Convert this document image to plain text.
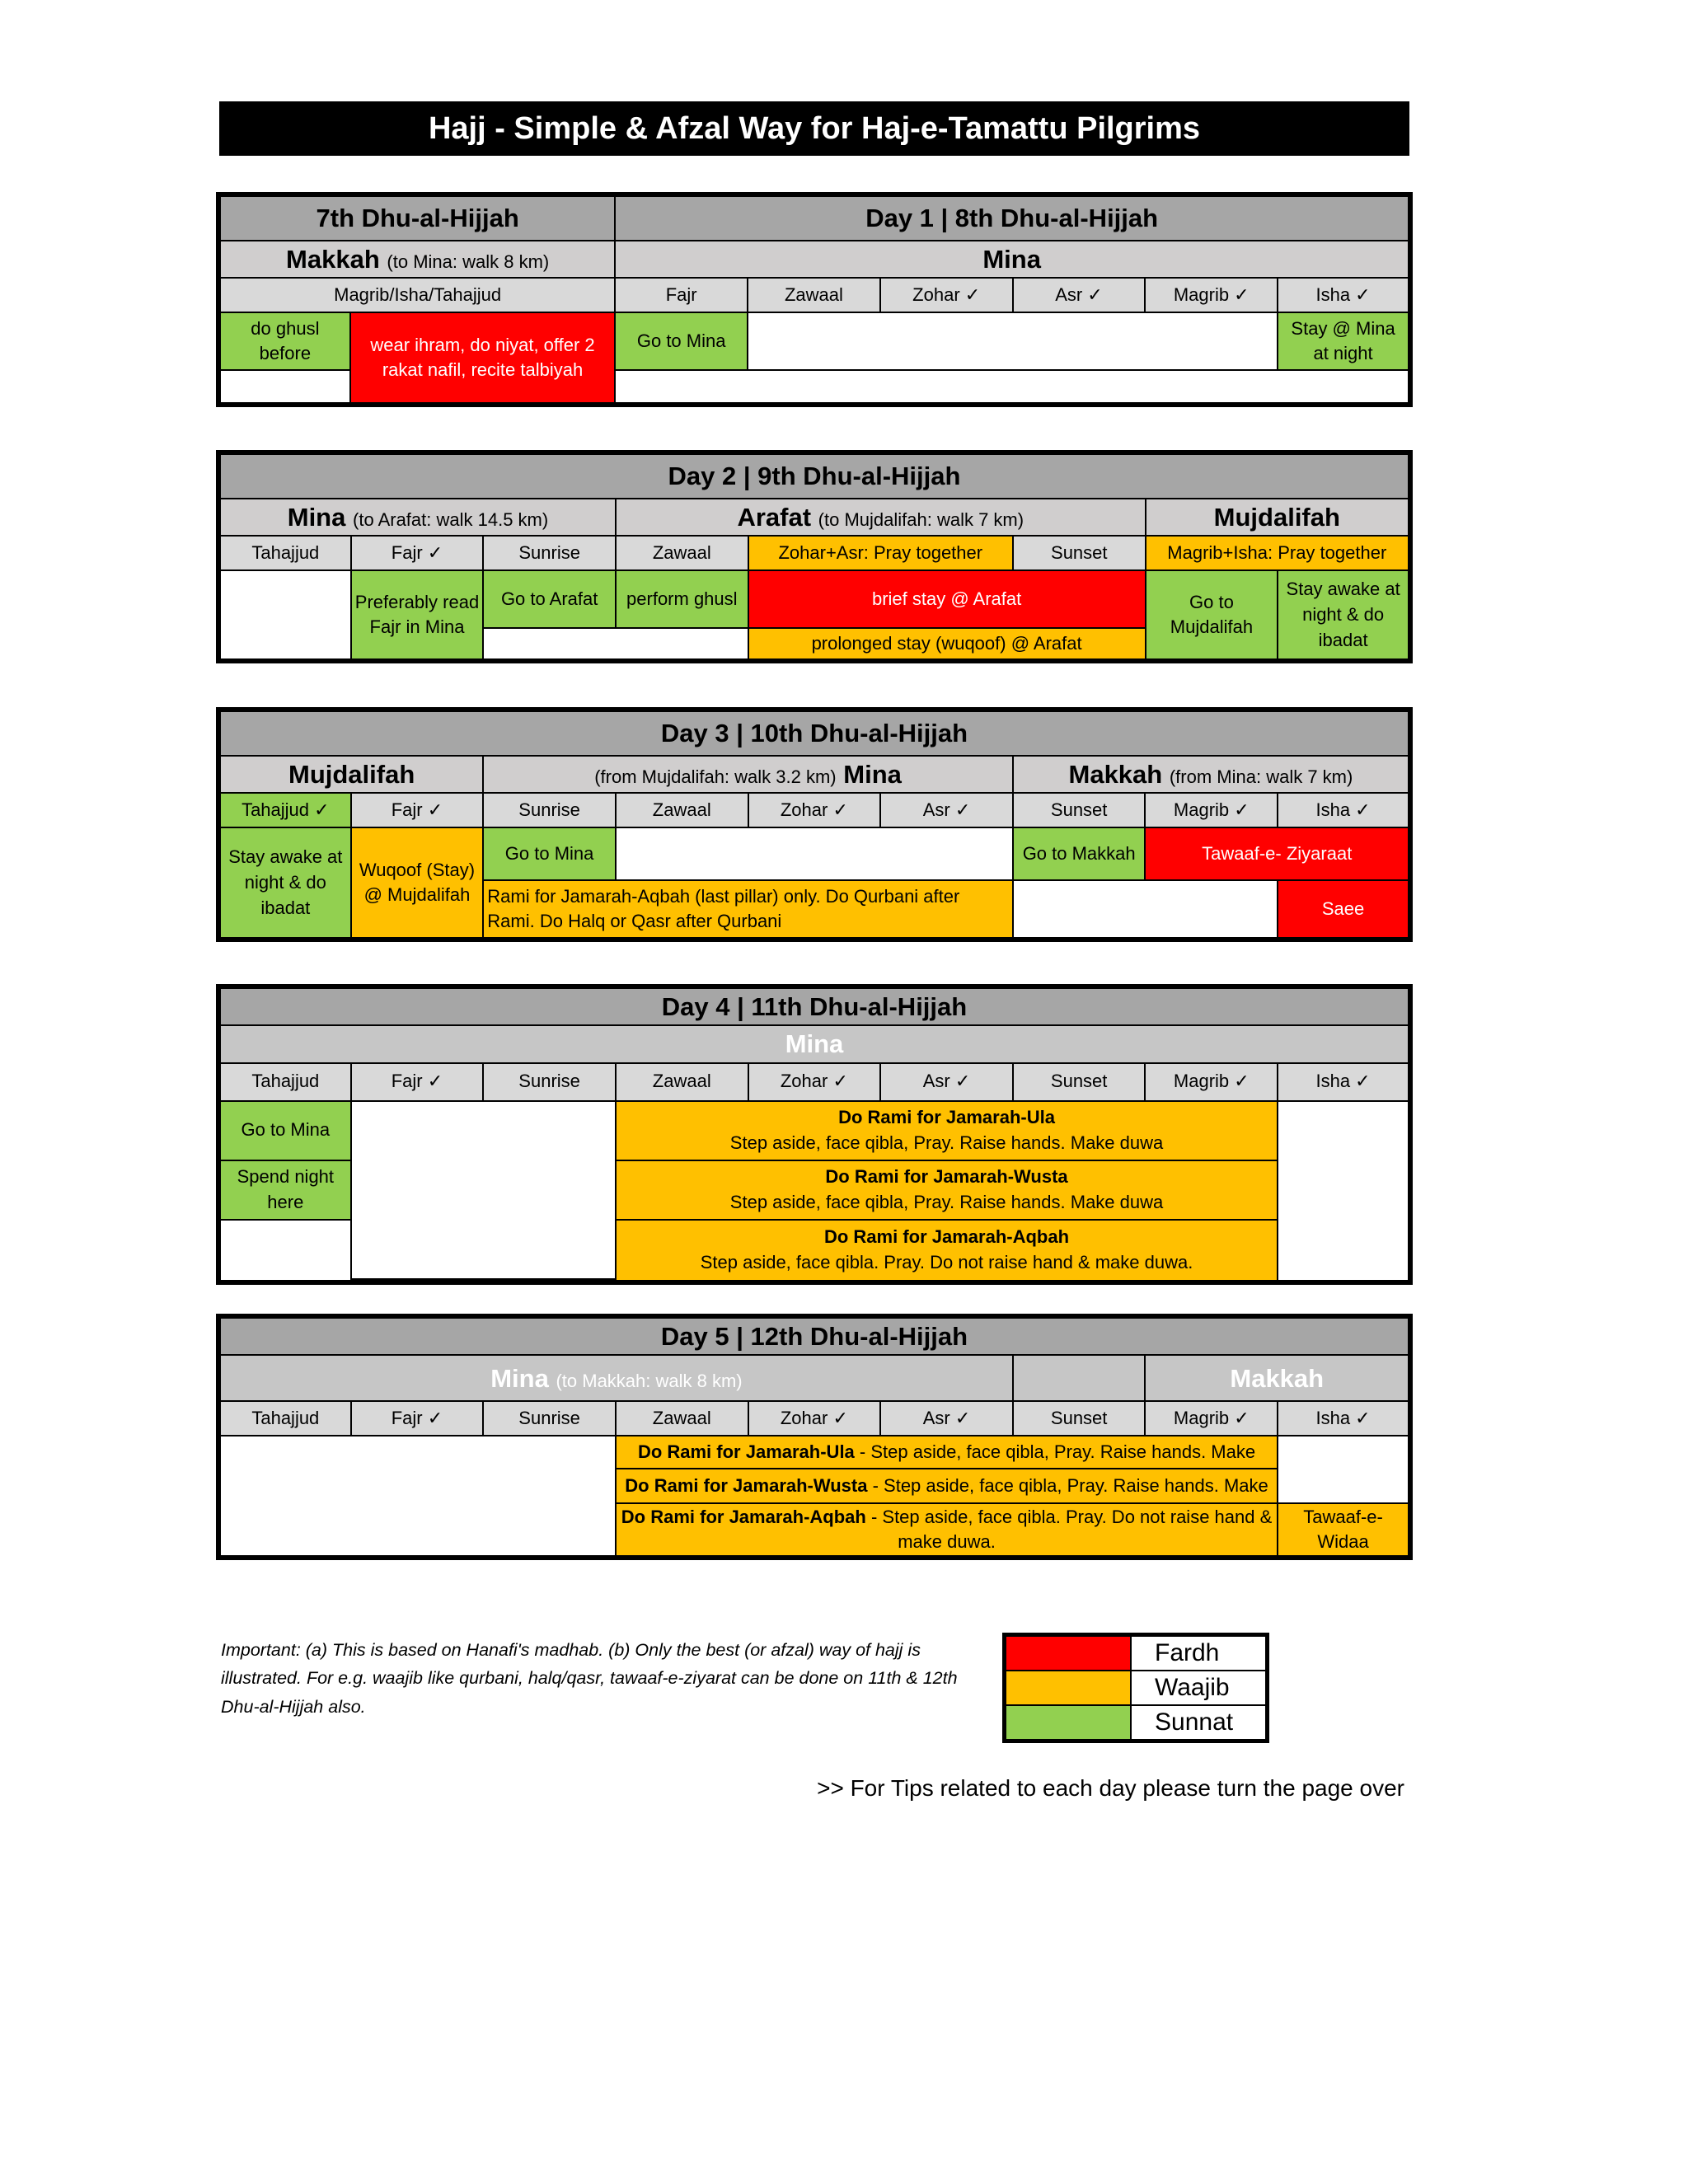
Hajj - Simple & Afzal Way for Haj-e-Tamattu Pilgrims
7th Dhu-al-Hijjah		Day 1 | 8th Dhu-al-Hijjah					
Makkah (to Mina: walk 8 km)		Mina					
Magrib/Isha/Tahajjud		Fajr	Zawaal	Zohar ✓	Asr ✓	Magrib ✓	Isha ✓
do ghusl before	wear ihram, do niyat, offer 2 rakat nafil, recite talbiyah	Go to Mina					Stay @ Mina at night

Day 2 | 9th Dhu-al-Hijjah							
Mina (to Arafat: walk 14.5 km)			Arafat (to Mujdalifah: walk 7 km)			Mujdalifah	
Tahajjud	Fajr ✓	Sunrise	Zawaal	Zohar+Asr: Pray together	Sunset	Magrib+Isha: Pray together	
	Preferably read Fajr in Mina	Go to Arafat	perform ghusl	brief stay @ Arafat		Go to Mujdalifah	Stay awake at night & do ibadat
				prolonged stay (wuqoof) @ Arafat			
Day 3 | 10th Dhu-al-Hijjah								
Mujdalifah		(from Mujdalifah: walk 3.2 km) Mina				Makkah (from Mina: walk 7 km)		
Tahajjud ✓	Fajr ✓	Sunrise	Zawaal	Zohar ✓	Asr ✓	Sunset	Magrib ✓	Isha ✓
Stay awake at night & do ibadat	Wuqoof (Stay) @ Mujdalifah	Go to Mina				Go to Makkah	Tawaaf-e- Ziyaraat	
		Rami for Jamarah-Aqbah (last pillar) only. Do Qurbani after Rami. Do Halq or Qasr after Qurbani						Saee
Day 4 | 11th Dhu-al-Hijjah								
Mina								
Tahajjud	Fajr ✓	Sunrise	Zawaal	Zohar ✓	Asr ✓	Sunset	Magrib ✓	Isha ✓
Go to Mina			Do Rami for Jamarah-Ula
Step aside, face qibla, Pray. Raise hands. Make duwa					

Spend night here			Do Rami for Jamarah-Wusta
Step aside, face qibla, Pray. Raise hands. Make duwa					
			Do Rami for Jamarah-Aqbah
Step aside, face qibla. Pray. Do not raise hand & make duwa.					

Day 5 | 12th Dhu-al-Hijjah								
Mina (to Makkah: walk 8 km)							Makkah	
Tahajjud	Fajr ✓	Sunrise	Zawaal	Zohar ✓	Asr ✓	Sunset	Magrib ✓	Isha ✓
			Do Rami for Jamarah-Ula - Step aside, face qibla, Pray. Raise hands. Make					
			Do Rami for Jamarah-Wusta - Step aside, face qibla, Pray. Raise hands. Make					
			Do Rami for Jamarah-Aqbah - Step aside, face qibla. Pray. Do not raise hand & make duwa.					Tawaaf-e-Widaa
Important: (a) This is based on Hanafi's madhab. (b) Only the best (or afzal) way of hajj is illustrated. For e.g. waajib like qurbani, halq/qasr, tawaaf-e-ziyarat can be done on 11th & 12th Dhu-al-Hijjah also.
	Fardh
	Waajib
	Sunnat
>> For Tips related to each day please turn the page over
